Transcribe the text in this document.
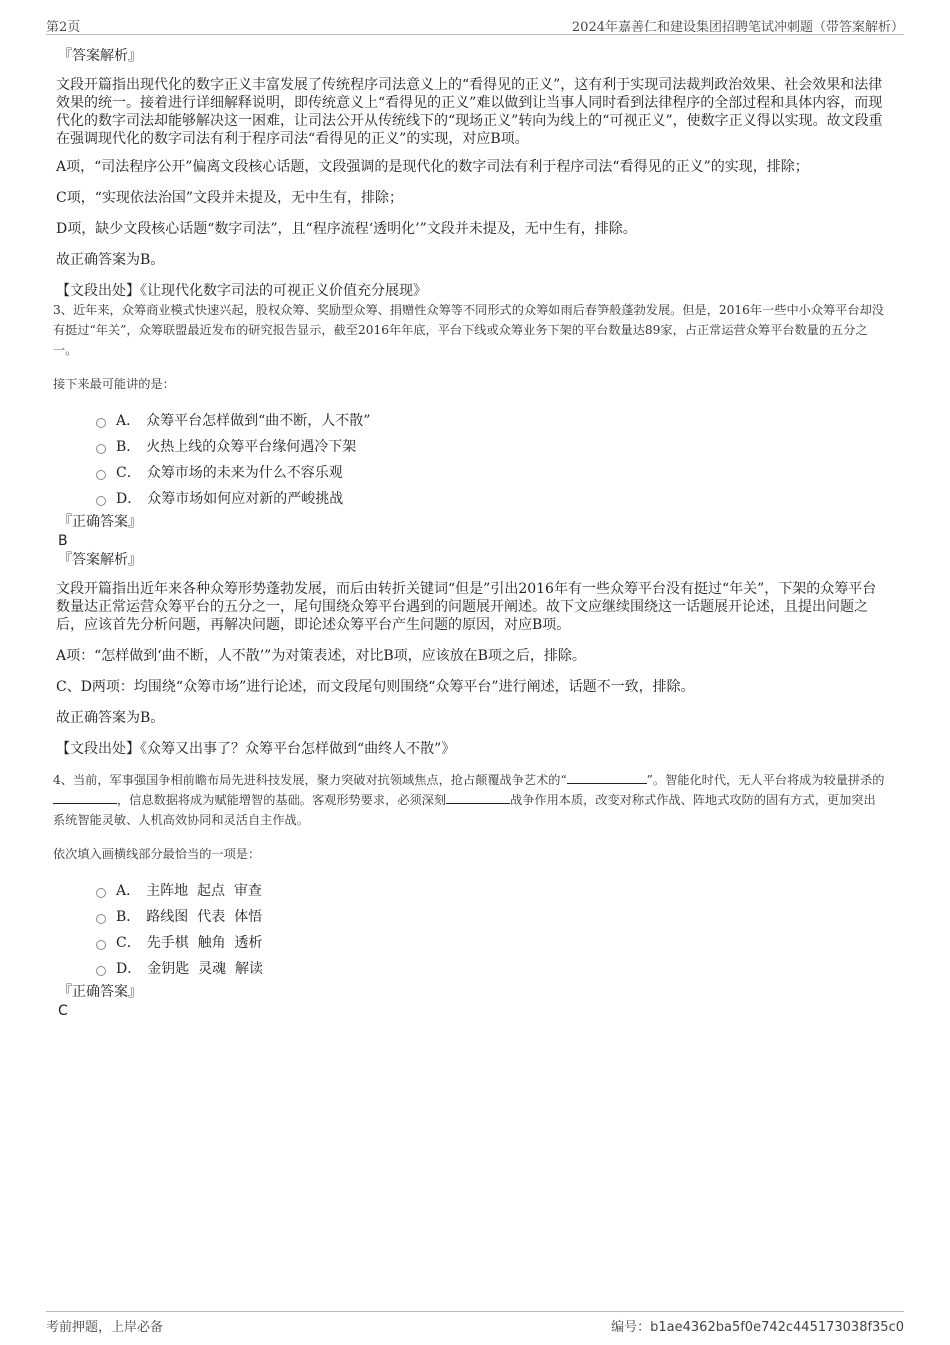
第2页	2024年嘉善仁和建设集团招聘笔试冲刺题（带答案解析）
『答案解析』

文段开篇指出现代化的数字正义丰富发展了传统程序司法意义上的“看得见的正义”，这有利于实现司法裁判政治效果、社会效果和法律效果的统一。接着进行详细解释说明，即传统意义上“看得见的正义”难以做到让当事人同时看到法律程序的全部过程和具体内容，而现代化的数字司法却能够解决这一困难，让司法公开从传统线下的“现场正义”转向为线上的“可视正义”，使数字正义得以实现。故文段重在强调现代化的数字司法有利于程序司法“看得见的正义”的实现，对应B项。

A项，“司法程序公开”偏离文段核心话题，文段强调的是现代化的数字司法有利于程序司法“看得见的正义”的实现，排除；

C项，“实现依法治国”文段并未提及，无中生有，排除；

D项，缺少文段核心话题“数字司法”，且“程序流程‘透明化’”文段并未提及，无中生有，排除。

故正确答案为B。

【文段出处】《让现代化数字司法的可视正义价值充分展现》

3、近年来，众筹商业模式快速兴起，股权众筹、奖励型众筹、捐赠性众筹等不同形式的众筹如雨后春笋般蓬勃发展。但是，2016年一些中小众筹平台却没有挺过“年关”，众筹联盟最近发布的研究报告显示，截至2016年年底，平台下线或众筹业务下架的平台数量达89家，占正常运营众筹平台数量的五分之一。

接下来最可能讲的是：

A． 众筹平台怎样做到“曲不断，人不散”
B． 火热上线的众筹平台缘何遇冷下架
C． 众筹市场的未来为什么不容乐观
D． 众筹市场如何应对新的严峻挑战
『正确答案』
B
『答案解析』

文段开篇指出近年来各种众筹形势蓬勃发展，而后由转折关键词“但是”引出2016年有一些众筹平台没有挺过“年关”，下架的众筹平台数量达正常运营众筹平台的五分之一，尾句围绕众筹平台遇到的问题展开阐述。故下文应继续围绕这一话题展开论述，且提出问题之后，应该首先分析问题，再解决问题，即论述众筹平台产生问题的原因，对应B项。

A项：“怎样做到‘曲不断，人不散’”为对策表述，对比B项，应该放在B项之后，排除。

C、D两项：均围绕“众筹市场”进行论述，而文段尾句则围绕“众筹平台”进行阐述，话题不一致，排除。

故正确答案为B。

【文段出处】《众筹又出事了？众筹平台怎样做到“曲终人不散”》

4、当前，军事强国争相前瞻布局先进科技发展，聚力突破对抗领域焦点，抢占颠覆战争艺术的“	”。智能化时代，无人平台将成为较量拼杀的，信息数据将成为赋能增智的基础。客观形势要求，必须深刻	战争作用本质，改变对称式作战、阵地式攻防的固有方式，更加突出系统智能灵敏、人机高效协同和灵活自主作战。

依次填入画横线部分最恰当的一项是：

A． 主阵地  起点  审查
B． 路线图  代表  体悟
C． 先手棋  触角  透析
D． 金钥匙  灵魂  解读
『正确答案』
C
考前押题，上岸必备	编号：b1ae4362ba5f0e742c445173038f35c0
